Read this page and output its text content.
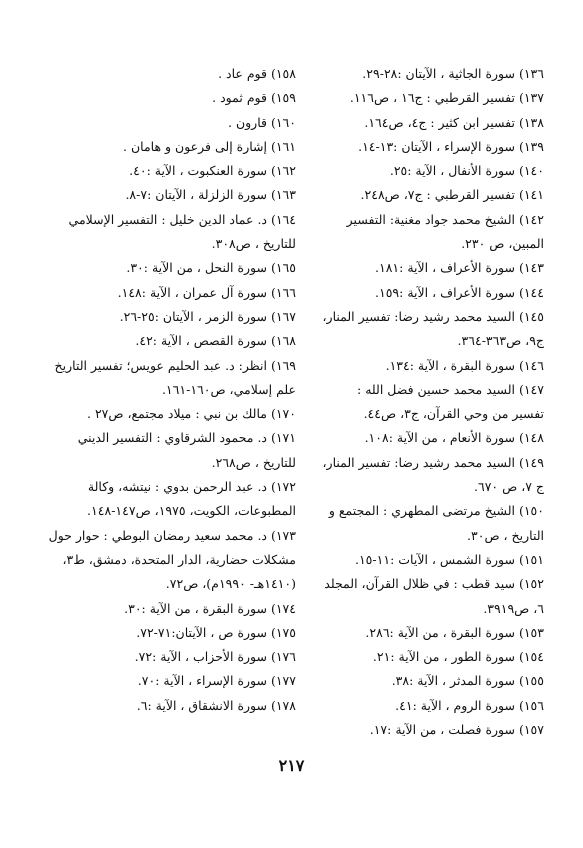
١٣٦) سورة الجاثية ، الآيتان :٢٨-٢٩.

١٣٧) تفسير القرطبي : ج١٦ ، ص١١٦.

١٣٨) تفسير ابن كثير : ج٤، ص١٦٤.

١٣٩) سورة الإسراء ، الآيتان :١٣-١٤.

١٤٠) سورة الأنفال ، الآية :٢٥.

١٤١) تفسير القرطبي : ج٧، ص٢٤٨.

١٤٢) الشيخ محمد جواد مغنية: التفسير المبين، ص ٢٣٠.

١٤٣) سورة الأعراف ، الآية :١٨١.

١٤٤) سورة الأعراف ، الآية :١٥٩.

١٤٥) السيد محمد رشيد رضا: تفسير المنار، ج٩، ص٣٦٣-٣٦٤.

١٤٦) سورة البقرة ، الآية :١٣٤.

١٤٧) السيد محمد حسين فضل الله : تفسير من وحي القرآن، ج٣، ص٤٤.

١٤٨) سورة الأنعام ، من الآية :١٠٨.

١٤٩) السيد محمد رشيد رضا: تفسير المنار، ج ٧، ص ٦٧٠.

١٥٠) الشيخ مرتضى المطهري : المجتمع و التاريخ ، ص٣٠.

١٥١) سورة الشمس ، الآيات :١١-١٥.

١٥٢) سيد قطب : في ظلال القرآن، المجلد ٦، ص٣٩١٩.

١٥٣) سورة البقرة ، من الآية :٢٨٦.

١٥٤) سورة الطور ، من الآية :٢١.

١٥٥) سورة المدثر ، الآية :٣٨.

١٥٦) سورة الروم ، الآية :٤١.

١٥٧) سورة فصلت ، من الآية :١٧.

١٥٨) قوم عاد .

١٥٩) قوم ثمود .

١٦٠) قارون .

١٦١) إشارة إلى فرعون و هامان .

١٦٢) سورة العنكبوت ، الآية :٤٠.

١٦٣) سورة الزلزلة ، الآيتان :٧-٨.

١٦٤) د. عماد الدين خليل : التفسير الإسلامي للتاريخ ، ص٣٠٨.

١٦٥) سورة النحل ، من الآية :٣٠.

١٦٦) سورة آل عمران ، الآية :١٤٨.

١٦٧) سورة الزمر ، الآيتان :٢٥-٢٦.

١٦٨) سورة القصص ، الآية :٤٢.

١٦٩) انظر: د. عبد الحليم عويس؛ تفسير التاريخ علم إسلامي، ص١٦٠-١٦١.

١٧٠) مالك بن نبي : ميلاد مجتمع، ص٢٧ .

١٧١) د. محمود الشرقاوي : التفسير الديني للتاريخ ، ص٢٦٨.

١٧٢) د. عبد الرحمن بدوي : نيتشه، وكالة المطبوعات، الكويت، ١٩٧٥، ص١٤٧-١٤٨.

١٧٣) د. محمد سعيد رمضان البوطي : حوار حول مشكلات حضارية، الدار المتحدة، دمشق، ط٣، (١٤١٠هـ- ١٩٩٠م)، ص٧٢.

١٧٤) سورة البقرة ، من الآية :٣٠.

١٧٥) سورة ص ، الآيتان:٧١-٧٢.

١٧٦) سورة الأحزاب ، الآية :٧٢.

١٧٧) سورة الإسراء ، الآية :٧٠.

١٧٨) سورة الانشقاق ، الآية :٦.

٢١٧
